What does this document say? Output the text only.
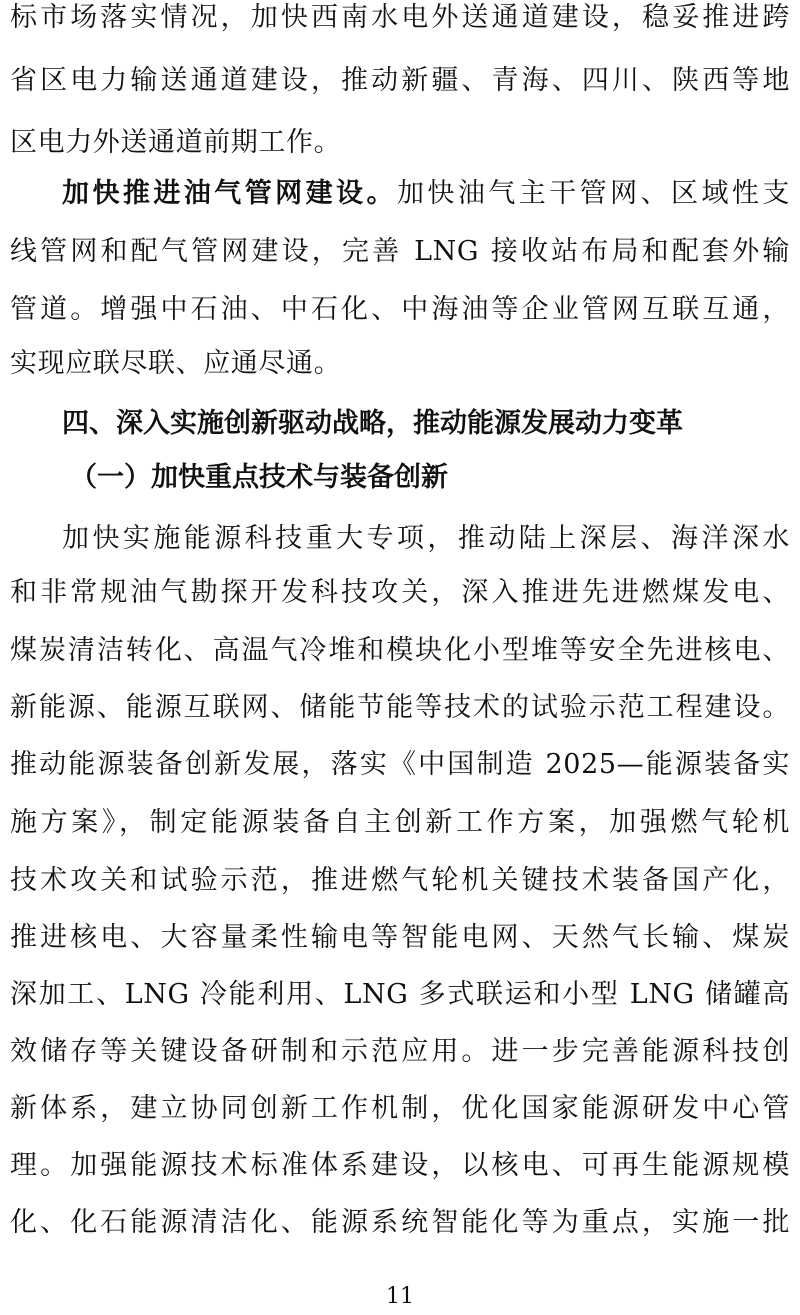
标市场落实情况，加快西南水电外送通道建设，稳妥推进跨
省区电力输送通道建设，推动新疆、青海、四川、陕西等地
区电力外送通道前期工作。
加快推进油气管网建设。加快油气主干管网、区域性支
线管网和配气管网建设，完善 LNG 接收站布局和配套外输
管道。增强中石油、中石化、中海油等企业管网互联互通，
实现应联尽联、应通尽通。
四、深入实施创新驱动战略，推动能源发展动力变革
（一）加快重点技术与装备创新
加快实施能源科技重大专项，推动陆上深层、海洋深水
和非常规油气勘探开发科技攻关，深入推进先进燃煤发电、
煤炭清洁转化、高温气冷堆和模块化小型堆等安全先进核电、
新能源、能源互联网、储能节能等技术的试验示范工程建设。
推动能源装备创新发展，落实《中国制造 2025—能源装备实
施方案》，制定能源装备自主创新工作方案，加强燃气轮机
技术攻关和试验示范，推进燃气轮机关键技术装备国产化，
推进核电、大容量柔性输电等智能电网、天然气长输、煤炭
深加工、LNG 冷能利用、LNG 多式联运和小型 LNG 储罐高
效储存等关键设备研制和示范应用。进一步完善能源科技创
新体系，建立协同创新工作机制，优化国家能源研发中心管
理。加强能源技术标准体系建设，以核电、可再生能源规模
化、化石能源清洁化、能源系统智能化等为重点，实施一批
11
